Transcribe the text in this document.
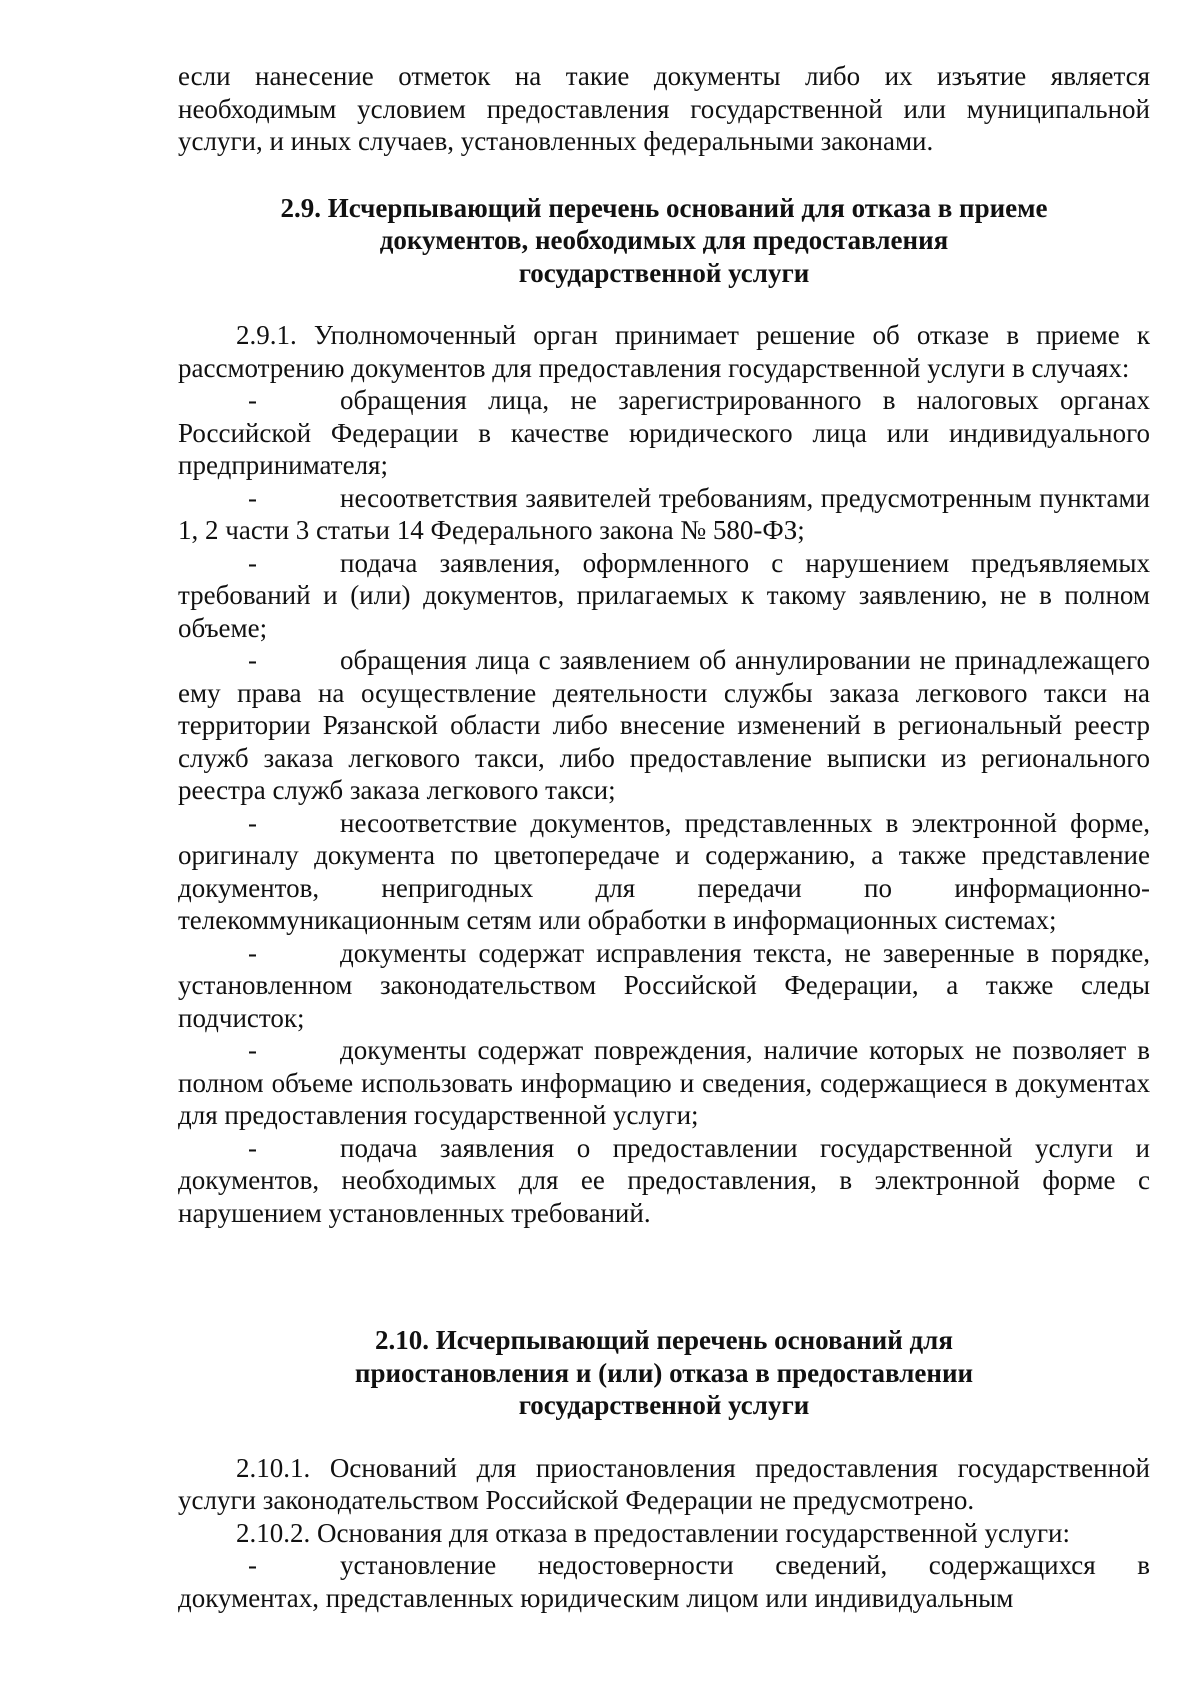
если нанесение отметок на такие документы либо их изъятие является необходимым условием предоставления государственной или муниципальной услуги, и иных случаев, установленных федеральными законами.

2.9. Исчерпывающий перечень оснований для отказа в приеме

документов, необходимых для предоставления

государственной услуги

2.9.1. Уполномоченный орган принимает решение об отказе в приеме к рассмотрению документов для предоставления государственной услуги в случаях:

-	обращения лица, не зарегистрированного в налоговых органах Российской Федерации в качестве юридического лица или индивидуального предпринимателя;

-	несоответствия заявителей требованиям, предусмотренным пунктами 1, 2 части 3 статьи 14 Федерального закона № 580-ФЗ;

-	подача заявления, оформленного с нарушением предъявляемых требований и (или) документов, прилагаемых к такому заявлению, не в полном объеме;

-	обращения лица с заявлением об аннулировании не принадлежащего ему права на осуществление деятельности службы заказа легкового такси на территории Рязанской области либо внесение изменений в региональный реестр служб заказа легкового такси, либо предоставление выписки из регионального реестра служб заказа легкового такси;

-	несоответствие документов, представленных в электронной форме, оригиналу документа по цветопередаче и содержанию, а также представление документов, непригодных для передачи по информационно-телекоммуникационным сетям или обработки в информационных системах;

-	документы содержат исправления текста, не заверенные в порядке, установленном законодательством Российской Федерации, а также следы подчисток;

-	документы содержат повреждения, наличие которых не позволяет в полном объеме использовать информацию и сведения, содержащиеся в документах для предоставления государственной услуги;

-	подача заявления о предоставлении государственной услуги и документов, необходимых для ее предоставления, в электронной форме с нарушением установленных требований.

2.10. Исчерпывающий перечень оснований для

приостановления и (или) отказа в предоставлении

государственной услуги

2.10.1. Оснований для приостановления предоставления государственной услуги законодательством Российской Федерации не предусмотрено.

2.10.2. Основания для отказа в предоставлении государственной услуги:

-	установление недостоверности сведений, содержащихся в документах, представленных юридическим лицом или индивидуальным
